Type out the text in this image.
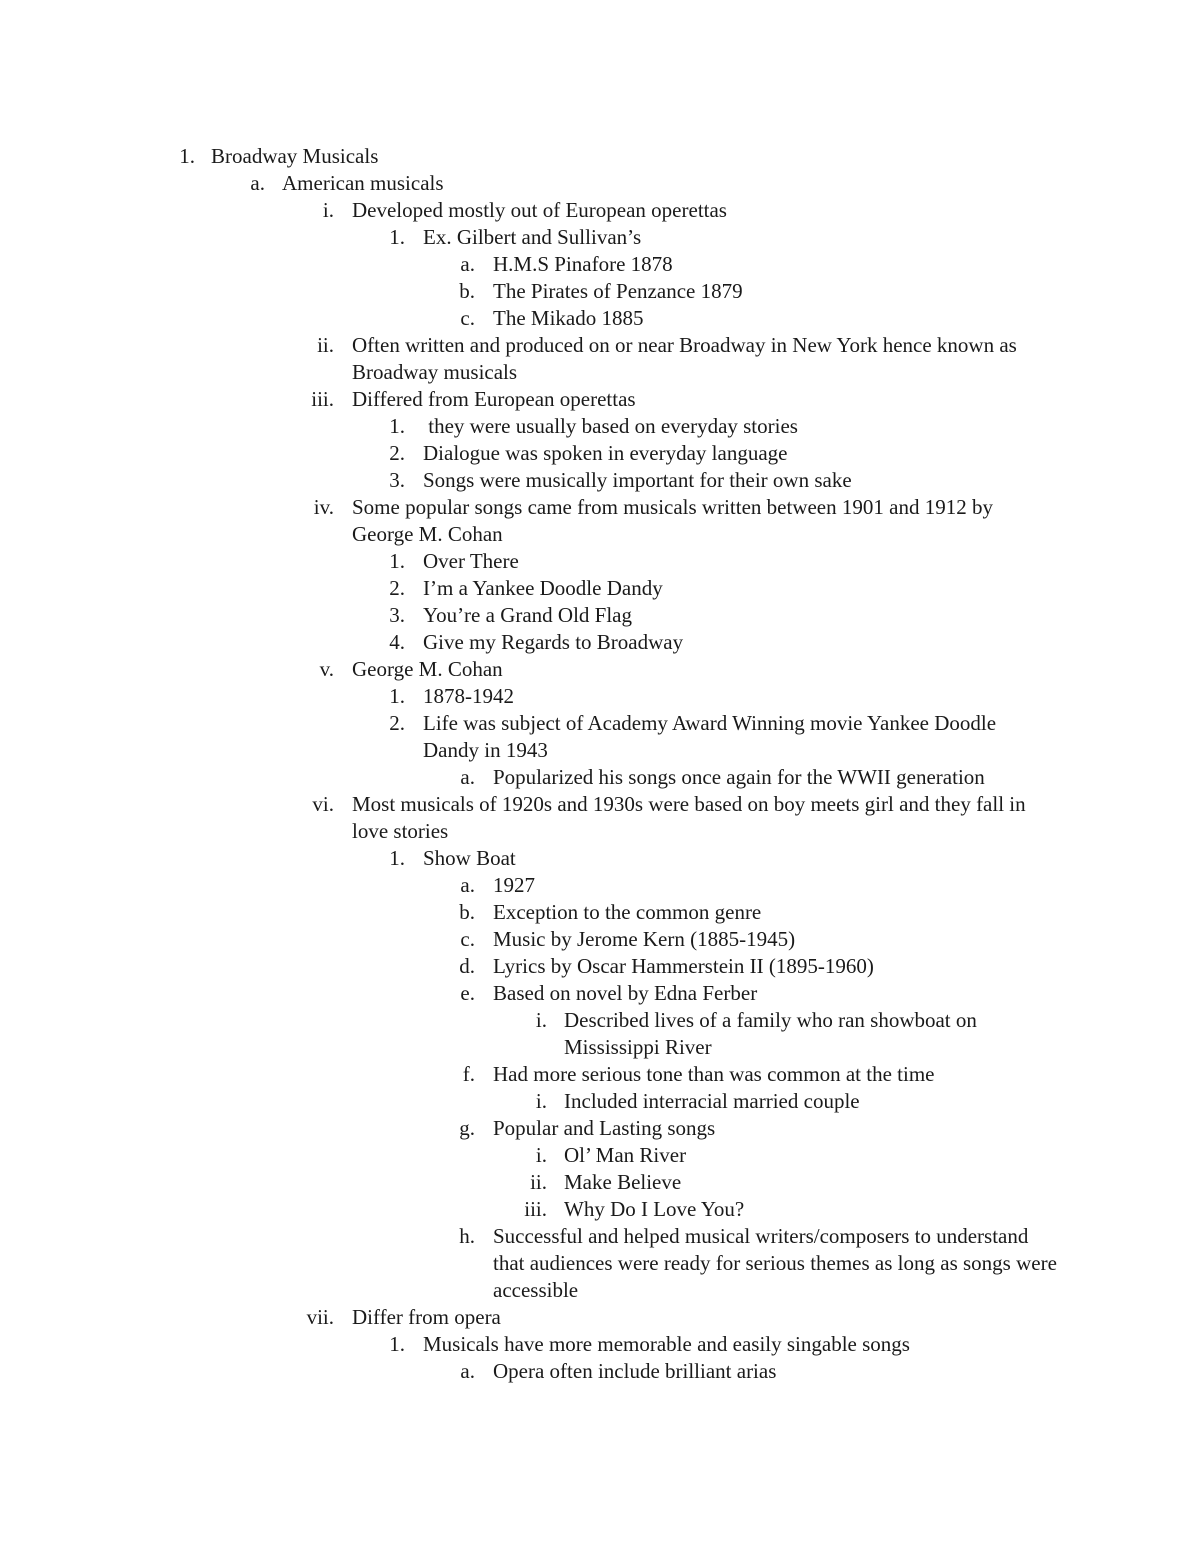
1. Broadway Musicals
a. American musicals
i. Developed mostly out of European operettas
1. Ex. Gilbert and Sullivan’s
a. H.M.S Pinafore 1878
b. The Pirates of Penzance 1879
c. The Mikado 1885
ii. Often written and produced on or near Broadway in New York hence known as Broadway musicals
iii. Differed from European operettas
1. they were usually based on everyday stories
2. Dialogue was spoken in everyday language
3. Songs were musically important for their own sake
iv. Some popular songs came from musicals written between 1901 and 1912 by George M. Cohan
1. Over There
2. I’m a Yankee Doodle Dandy
3. You’re a Grand Old Flag
4. Give my Regards to Broadway
v. George M. Cohan
1. 1878-1942
2. Life was subject of Academy Award Winning movie Yankee Doodle Dandy in 1943
a. Popularized his songs once again for the WWII generation
vi. Most musicals of 1920s and 1930s were based on boy meets girl and they fall in love stories
1. Show Boat
a. 1927
b. Exception to the common genre
c. Music by Jerome Kern (1885-1945)
d. Lyrics by Oscar Hammerstein II (1895-1960)
e. Based on novel by Edna Ferber
i. Described lives of a family who ran showboat on Mississippi River
f. Had more serious tone than was common at the time
i. Included interracial married couple
g. Popular and Lasting songs
i. Ol’ Man River
ii. Make Believe
iii. Why Do I Love You?
h. Successful and helped musical writers/composers to understand that audiences were ready for serious themes as long as songs were accessible
vii. Differ from opera
1. Musicals have more memorable and easily singable songs
a. Opera often include brilliant arias
